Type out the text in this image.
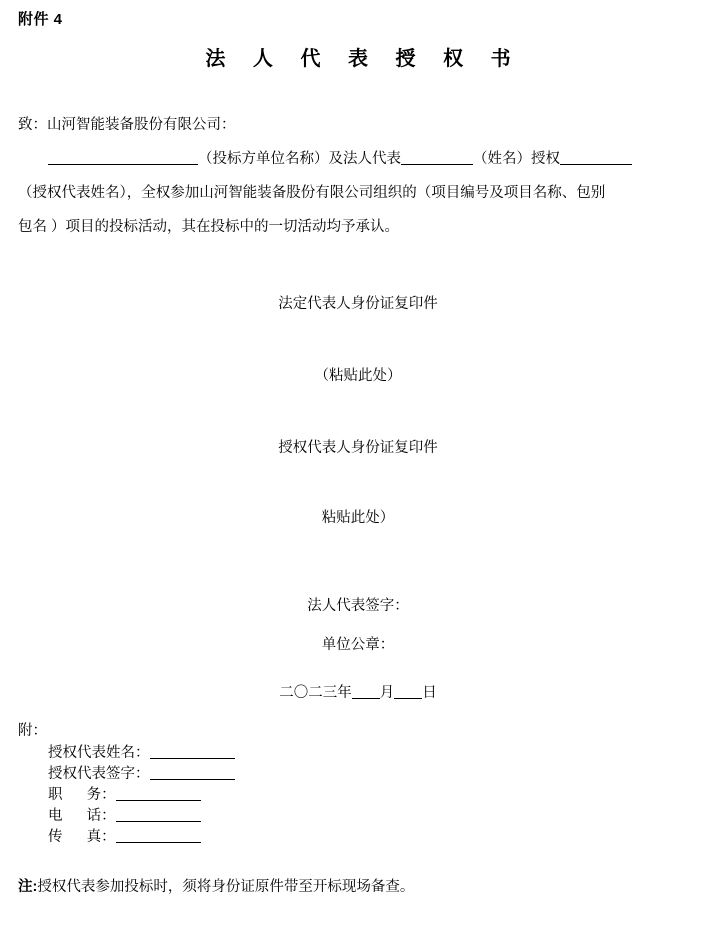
附件 4
法 人 代 表 授 权 书

致：山河智能装备股份有限公司：

（投标方单位名称）及法人代表	（姓名）授权

（授权代表姓名），全权参加山河智能装备股份有限公司组织的（项目编号及项目名称、包别

包名 ）项目的投标活动，其在投标中的一切活动均予承认。

法定代表人身份证复印件
（粘贴此处）
授权代表人身份证复印件
粘贴此处）
法人代表签字：
单位公章：
二〇二三年 月 日
附：
授权代表姓名：
授权代表签字：
职      务：
电      话：
传      真：
注:授权代表参加投标时，须将身份证原件带至开标现场备查。
